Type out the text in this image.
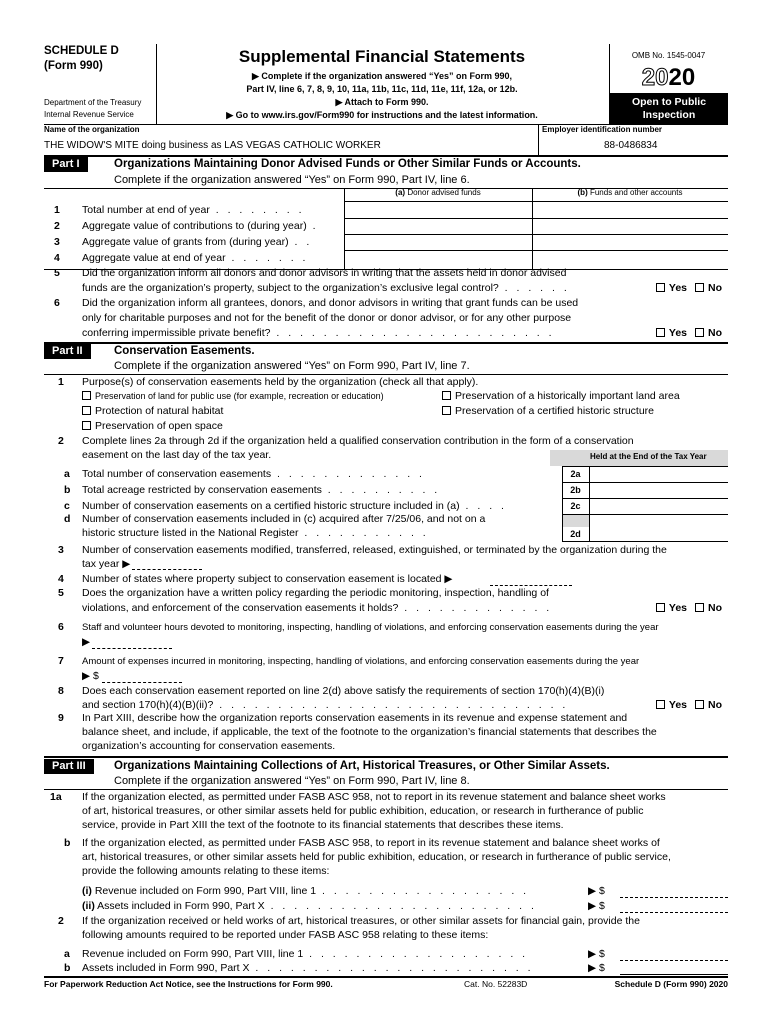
SCHEDULE D
(Form 990)
Department of the Treasury
Internal Revenue Service
Supplemental Financial Statements
▶ Complete if the organization answered “Yes” on Form 990,
Part IV, line 6, 7, 8, 9, 10, 11a, 11b, 11c, 11d, 11e, 11f, 12a, or 12b.
▶ Attach to Form 990.
▶ Go to www.irs.gov/Form990 for instructions and the latest information.
OMB No. 1545-0047
2020
Open to Public
Inspection
Name of the organization	Employer identification number
THE WIDOW'S MITE doing business as LAS VEGAS CATHOLIC WORKER	88-0486834
Part I	Organizations Maintaining Donor Advised Funds or Other Similar Funds or Accounts.
Complete if the organization answered “Yes” on Form 990, Part IV, line 6.
(a) Donor advised funds	(b) Funds and other accounts
1 Total number at end of year . . . . . . . .
2 Aggregate value of contributions to (during year) .
3 Aggregate value of grants from (during year) . .
4 Aggregate value at end of year . . . . . . .
5 Did the organization inform all donors and donor advisors in writing that the assets held in donor advised
funds are the organization’s property, subject to the organization’s exclusive legal control? . . . . . .	Yes No
6 Did the organization inform all grantees, donors, and donor advisors in writing that grant funds can be used
only for charitable purposes and not for the benefit of the donor or donor advisor, or for any other purpose
conferring impermissible private benefit? . . . . . . . . . . . . . . . . . . . . . . . .	Yes No
Part II	Conservation Easements.
Complete if the organization answered “Yes” on Form 990, Part IV, line 7.
1 Purpose(s) of conservation easements held by the organization (check all that apply).
Preservation of land for public use (for example, recreation or education)	Preservation of a historically important land area
Protection of natural habitat	Preservation of a certified historic structure
Preservation of open space
2 Complete lines 2a through 2d if the organization held a qualified conservation contribution in the form of a conservation
easement on the last day of the tax year.	Held at the End of the Tax Year
a Total number of conservation easements . . . . . . . . . . . . .	2a
b Total acreage restricted by conservation easements . . . . . . . . . .	2b
c Number of conservation easements on a certified historic structure included in (a) . . . .	2c
d Number of conservation easements included in (c) acquired after 7/25/06, and not on a
historic structure listed in the National Register . . . . . . . . . . .	2d
3 Number of conservation easements modified, transferred, released, extinguished, or terminated by the organization during the
tax year ▶
4 Number of states where property subject to conservation easement is located ▶
5 Does the organization have a written policy regarding the periodic monitoring, inspection, handling of
violations, and enforcement of the conservation easements it holds? . . . . . . . . . . . . .	Yes No
6 Staff and volunteer hours devoted to monitoring, inspecting, handling of violations, and enforcing conservation easements during the year
▶
7 Amount of expenses incurred in monitoring, inspecting, handling of violations, and enforcing conservation easements during the year
▶ $
8 Does each conservation easement reported on line 2(d) above satisfy the requirements of section 170(h)(4)(B)(i)
and section 170(h)(4)(B)(ii)? . . . . . . . . . . . . . . . . . . . . . . . . . . . . . .	Yes No
9 In Part XIII, describe how the organization reports conservation easements in its revenue and expense statement and
balance sheet, and include, if applicable, the text of the footnote to the organization’s financial statements that describes the
organization’s accounting for conservation easements.
Part III	Organizations Maintaining Collections of Art, Historical Treasures, or Other Similar Assets.
Complete if the organization answered “Yes” on Form 990, Part IV, line 8.
1a If the organization elected, as permitted under FASB ASC 958, not to report in its revenue statement and balance sheet works
of art, historical treasures, or other similar assets held for public exhibition, education, or research in furtherance of public
service, provide in Part XIII the text of the footnote to its financial statements that describes these items.
b If the organization elected, as permitted under FASB ASC 958, to report in its revenue statement and balance sheet works of
art, historical treasures, or other similar assets held for public exhibition, education, or research in furtherance of public service,
provide the following amounts relating to these items:
(i) Revenue included on Form 990, Part VIII, line 1 . . . . . . . . . . . . . . . . . .	▶ $
(ii) Assets included in Form 990, Part X . . . . . . . . . . . . . . . . . . . . . . .	▶ $
2 If the organization received or held works of art, historical treasures, or other similar assets for financial gain, provide the
following amounts required to be reported under FASB ASC 958 relating to these items:
a Revenue included on Form 990, Part VIII, line 1 . . . . . . . . . . . . . . . . . . .	▶ $
b Assets included in Form 990, Part X . . . . . . . . . . . . . . . . . . . . . . . .	▶ $
For Paperwork Reduction Act Notice, see the Instructions for Form 990.	Cat. No. 52283D	Schedule D (Form 990) 2020
